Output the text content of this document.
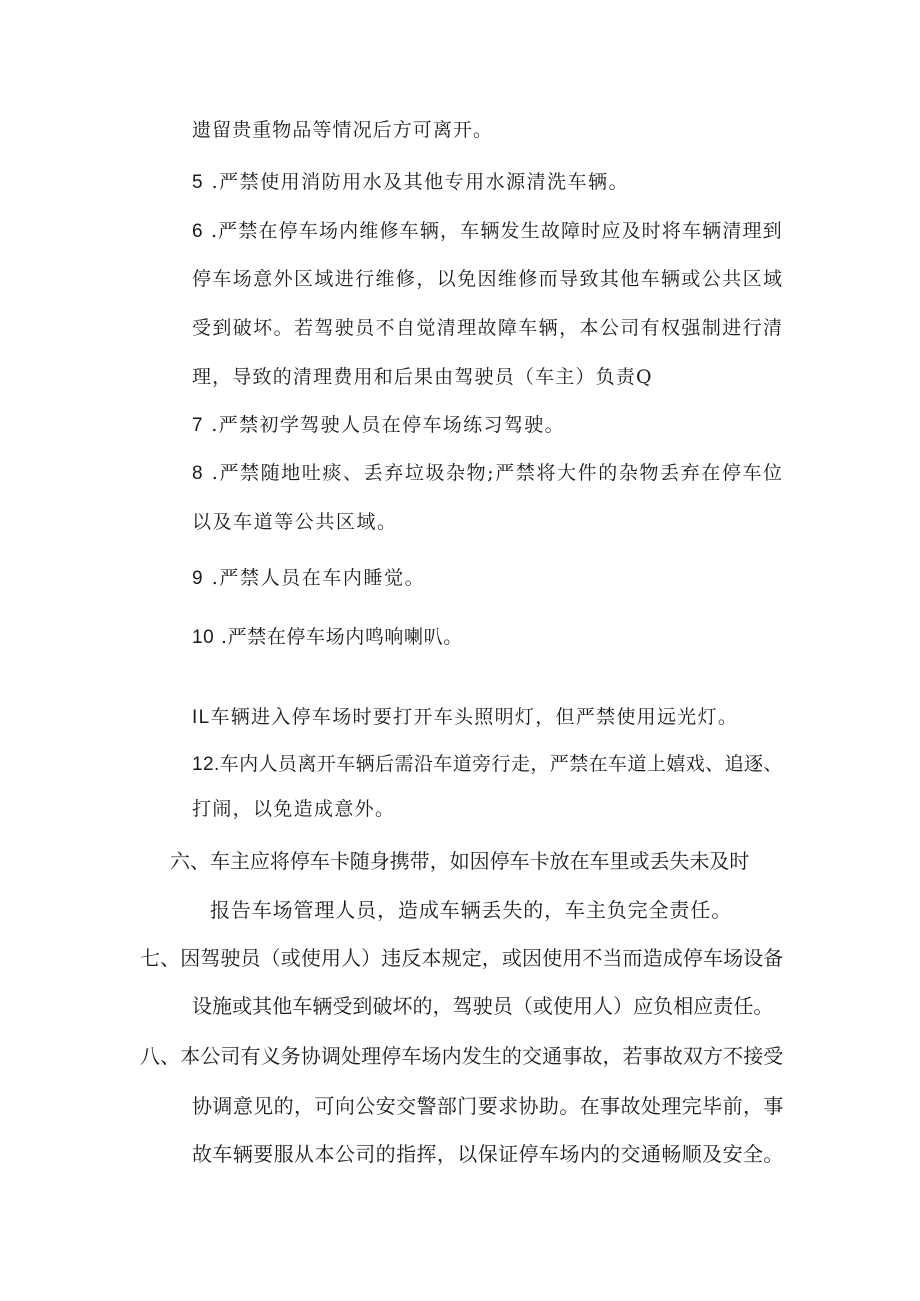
遗留贵重物品等情况后方可离开。
5 .严禁使用消防用水及其他专用水源清洗车辆。
6 .严禁在停车场内维修车辆，车辆发生故障时应及时将车辆清理到
停车场意外区域进行维修，以免因维修而导致其他车辆或公共区域
受到破坏。若驾驶员不自觉清理故障车辆，本公司有权强制进行清
理，导致的清理费用和后果由驾驶员（车主）负责Q
7 .严禁初学驾驶人员在停车场练习驾驶。
8 .严禁随地吐痰、丢弃垃圾杂物;严禁将大件的杂物丢弃在停车位
以及车道等公共区域。
9 .严禁人员在车内睡觉。
10 .严禁在停车场内鸣响喇叭。
IL车辆进入停车场时要打开车头照明灯，但严禁使用远光灯。
12.车内人员离开车辆后需沿车道旁行走，严禁在车道上嬉戏、追逐、
打闹，以免造成意外。
六、车主应将停车卡随身携带，如因停车卡放在车里或丢失未及时
报告车场管理人员，造成车辆丢失的，车主负完全责任。
七、因驾驶员（或使用人）违反本规定，或因使用不当而造成停车场设备
设施或其他车辆受到破坏的，驾驶员（或使用人）应负相应责任。
八、本公司有义务协调处理停车场内发生的交通事故，若事故双方不接受
协调意见的，可向公安交警部门要求协助。在事故处理完毕前，事
故车辆要服从本公司的指挥，以保证停车场内的交通畅顺及安全。
